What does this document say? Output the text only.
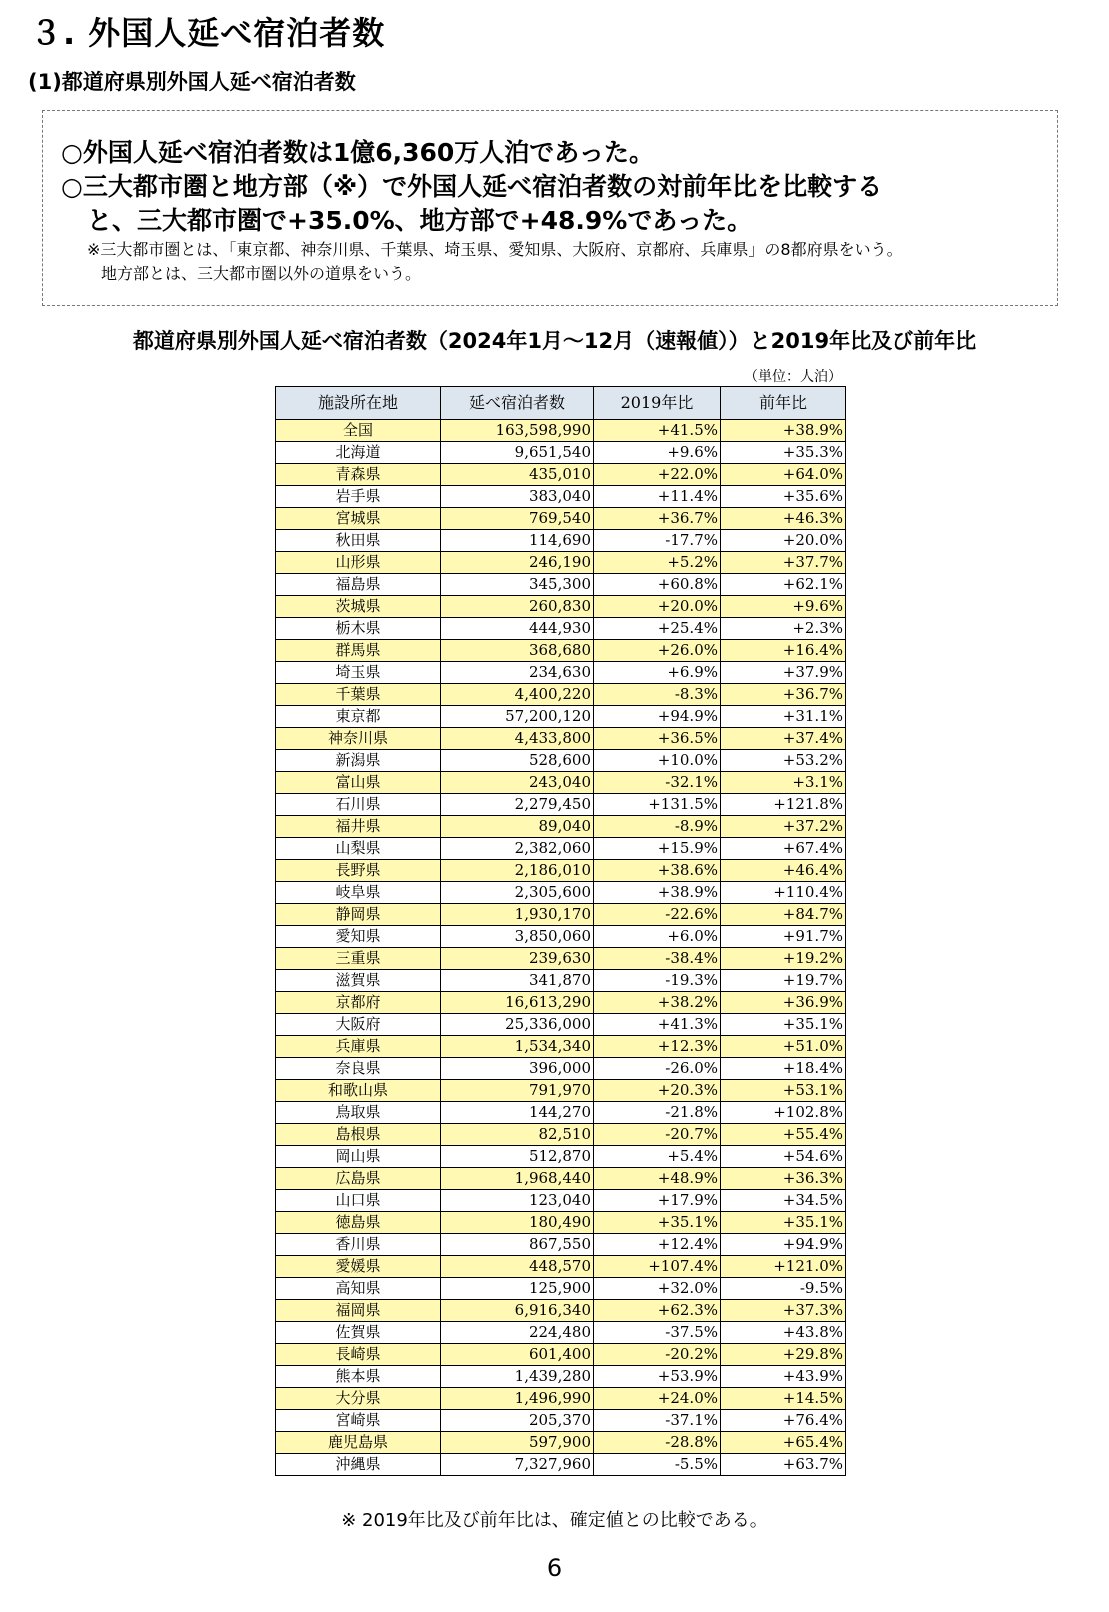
３. 外国人延べ宿泊者数
(1)都道府県別外国人延べ宿泊者数
○外国人延べ宿泊者数は1億6,360万人泊であった。
○三大都市圏と地方部（※）で外国人延べ宿泊者数の対前年比を比較する
と、三大都市圏で+35.0%、地方部で+48.9%であった。
※三大都市圏とは、「東京都、神奈川県、千葉県、埼玉県、愛知県、大阪府、京都府、兵庫県」の8都府県をいう。
地方部とは、三大都市圏以外の道県をいう。
都道府県別外国人延べ宿泊者数（2024年1月～12月（速報値））と2019年比及び前年比
（単位：人泊）
施設所在地	延べ宿泊者数	2019年比	前年比
全国	163,598,990	+41.5%	+38.9%
北海道	9,651,540	+9.6%	+35.3%
青森県	435,010	+22.0%	+64.0%
岩手県	383,040	+11.4%	+35.6%
宮城県	769,540	+36.7%	+46.3%
秋田県	114,690	-17.7%	+20.0%
山形県	246,190	+5.2%	+37.7%
福島県	345,300	+60.8%	+62.1%
茨城県	260,830	+20.0%	+9.6%
栃木県	444,930	+25.4%	+2.3%
群馬県	368,680	+26.0%	+16.4%
埼玉県	234,630	+6.9%	+37.9%
千葉県	4,400,220	-8.3%	+36.7%
東京都	57,200,120	+94.9%	+31.1%
神奈川県	4,433,800	+36.5%	+37.4%
新潟県	528,600	+10.0%	+53.2%
富山県	243,040	-32.1%	+3.1%
石川県	2,279,450	+131.5%	+121.8%
福井県	89,040	-8.9%	+37.2%
山梨県	2,382,060	+15.9%	+67.4%
長野県	2,186,010	+38.6%	+46.4%
岐阜県	2,305,600	+38.9%	+110.4%
静岡県	1,930,170	-22.6%	+84.7%
愛知県	3,850,060	+6.0%	+91.7%
三重県	239,630	-38.4%	+19.2%
滋賀県	341,870	-19.3%	+19.7%
京都府	16,613,290	+38.2%	+36.9%
大阪府	25,336,000	+41.3%	+35.1%
兵庫県	1,534,340	+12.3%	+51.0%
奈良県	396,000	-26.0%	+18.4%
和歌山県	791,970	+20.3%	+53.1%
鳥取県	144,270	-21.8%	+102.8%
島根県	82,510	-20.7%	+55.4%
岡山県	512,870	+5.4%	+54.6%
広島県	1,968,440	+48.9%	+36.3%
山口県	123,040	+17.9%	+34.5%
徳島県	180,490	+35.1%	+35.1%
香川県	867,550	+12.4%	+94.9%
愛媛県	448,570	+107.4%	+121.0%
高知県	125,900	+32.0%	-9.5%
福岡県	6,916,340	+62.3%	+37.3%
佐賀県	224,480	-37.5%	+43.8%
長崎県	601,400	-20.2%	+29.8%
熊本県	1,439,280	+53.9%	+43.9%
大分県	1,496,990	+24.0%	+14.5%
宮崎県	205,370	-37.1%	+76.4%
鹿児島県	597,900	-28.8%	+65.4%
沖縄県	7,327,960	-5.5%	+63.7%
※ 2019年比及び前年比は、確定値との比較である。
6
